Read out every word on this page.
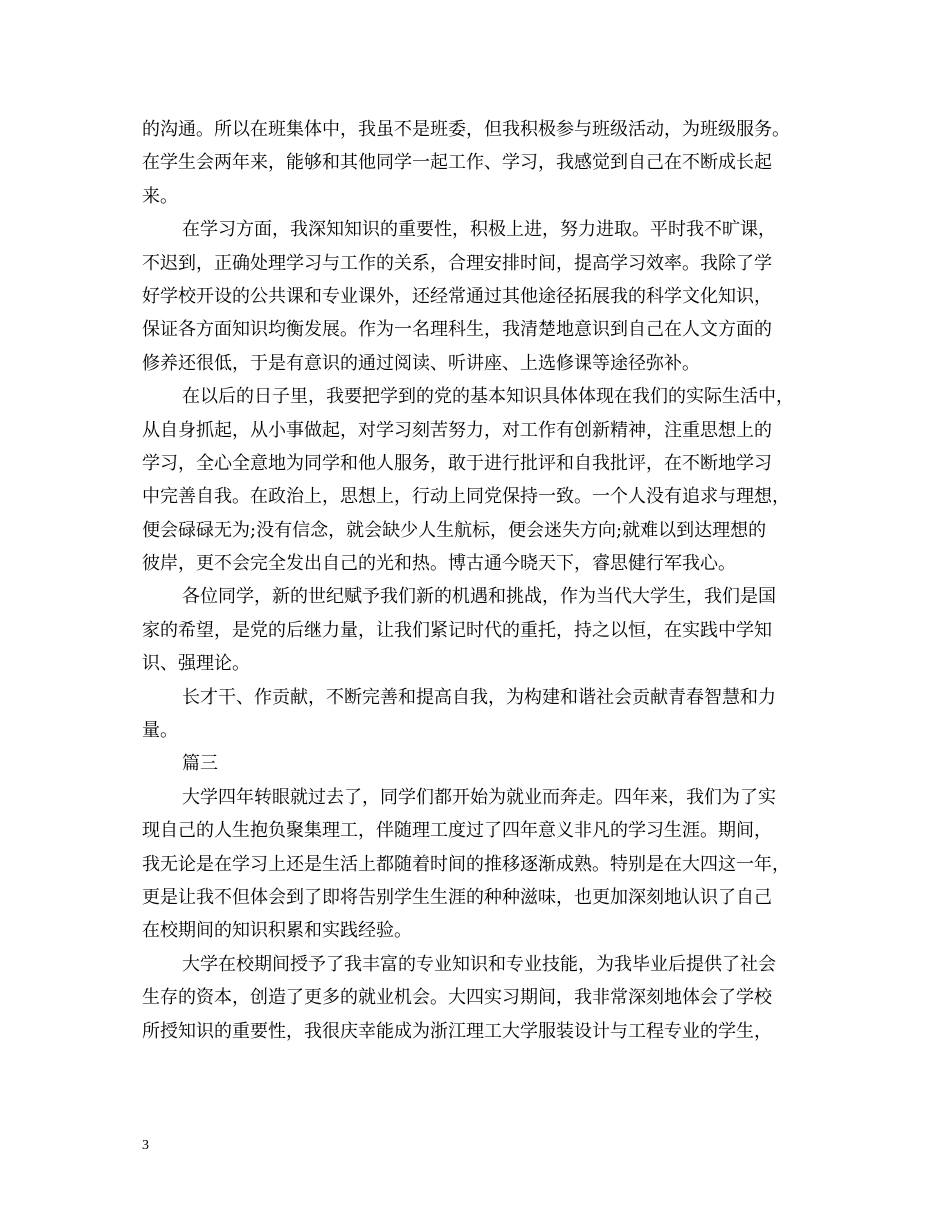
的沟通。所以在班集体中，我虽不是班委，但我积极参与班级活动，为班级服务。
在学生会两年来，能够和其他同学一起工作、学习，我感觉到自己在不断成长起
来。
在学习方面，我深知知识的重要性，积极上进，努力进取。平时我不旷课，
不迟到，正确处理学习与工作的关系，合理安排时间，提高学习效率。我除了学
好学校开设的公共课和专业课外，还经常通过其他途径拓展我的科学文化知识，
保证各方面知识均衡发展。作为一名理科生，我清楚地意识到自己在人文方面的
修养还很低，于是有意识的通过阅读、听讲座、上选修课等途径弥补。
在以后的日子里，我要把学到的党的基本知识具体体现在我们的实际生活中，
从自身抓起，从小事做起，对学习刻苦努力，对工作有创新精神，注重思想上的
学习，全心全意地为同学和他人服务，敢于进行批评和自我批评，在不断地学习
中完善自我。在政治上，思想上，行动上同党保持一致。一个人没有追求与理想，
便会碌碌无为;没有信念，就会缺少人生航标，便会迷失方向;就难以到达理想的
彼岸，更不会完全发出自己的光和热。博古通今晓天下，睿思健行军我心。
各位同学，新的世纪赋予我们新的机遇和挑战，作为当代大学生，我们是国
家的希望，是党的后继力量，让我们紧记时代的重托，持之以恒，在实践中学知
识、强理论。
长才干、作贡献，不断完善和提高自我，为构建和谐社会贡献青春智慧和力
量。
篇三
大学四年转眼就过去了，同学们都开始为就业而奔走。四年来，我们为了实
现自己的人生抱负聚集理工，伴随理工度过了四年意义非凡的学习生涯。期间，
我无论是在学习上还是生活上都随着时间的推移逐渐成熟。特别是在大四这一年，
更是让我不但体会到了即将告别学生生涯的种种滋味，也更加深刻地认识了自己
在校期间的知识积累和实践经验。
大学在校期间授予了我丰富的专业知识和专业技能，为我毕业后提供了社会
生存的资本，创造了更多的就业机会。大四实习期间，我非常深刻地体会了学校
所授知识的重要性，我很庆幸能成为浙江理工大学服装设计与工程专业的学生，
3
